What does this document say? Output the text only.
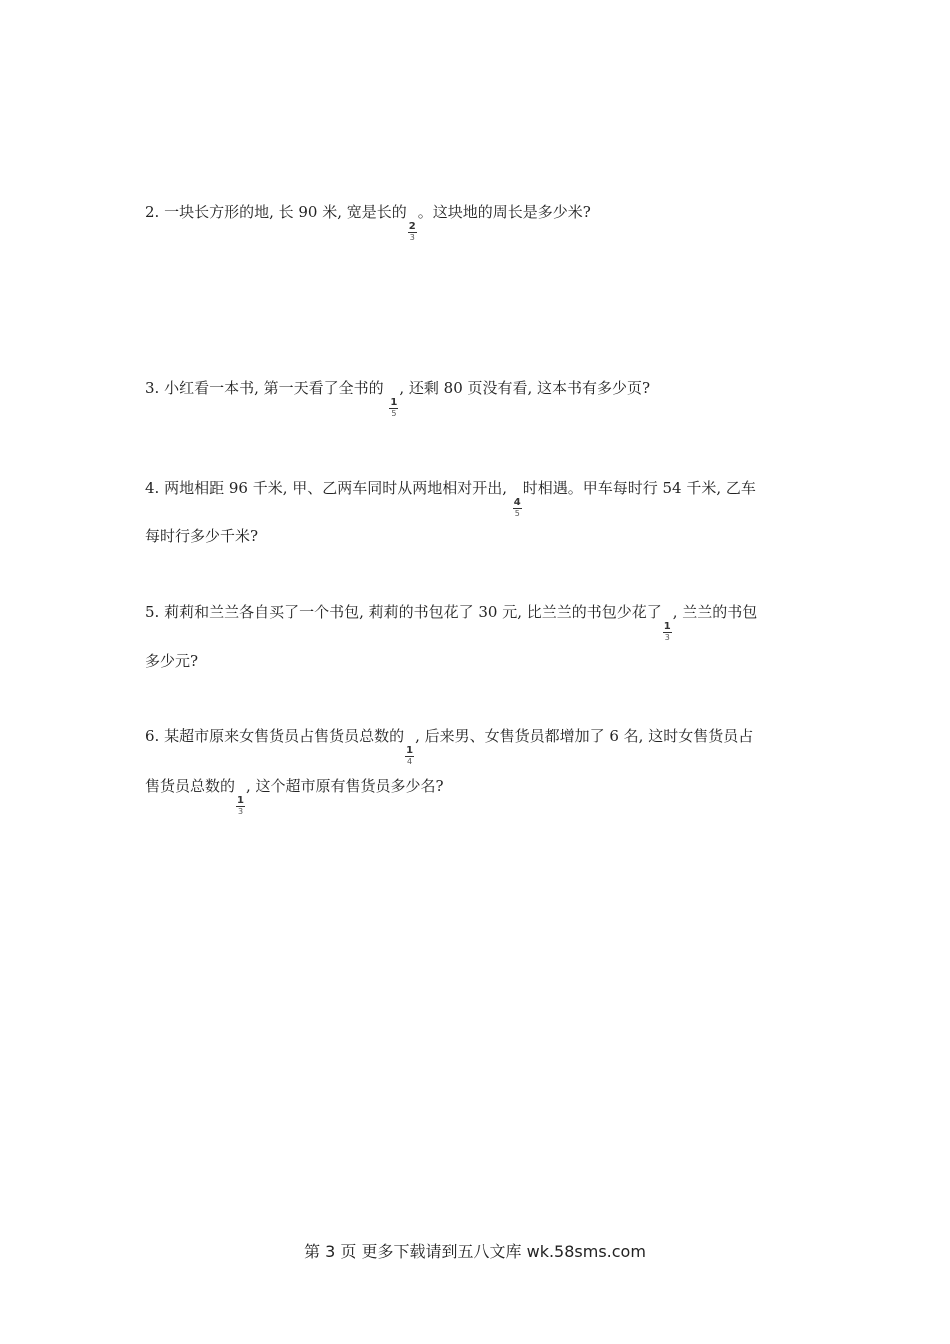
2. 一块长方形的地, 长 90 米, 宽是长的
$\frac{2}{3}$
。这块地的周长是多少米?
3. 小红看一本书, 第一天看了全书的
$\frac{1}{5}$
, 还剩 80 页没有看, 这本书有多少页?
4. 两地相距 96 千米, 甲、乙两车同时从两地相对开出,
$\frac{4}{5}$
时相遇。甲车每时行 54 千米, 乙车
每时行多少千米?
5. 莉莉和兰兰各自买了一个书包, 莉莉的书包花了 30 元, 比兰兰的书包少花了
$\frac{1}{3}$
, 兰兰的书包
多少元?
6. 某超市原来女售货员占售货员总数的
$\frac{1}{4}$
, 后来男、女售货员都增加了 6 名, 这时女售货员占
售货员总数的
$\frac{1}{3}$
, 这个超市原有售货员多少名?
第 3 页 更多下载请到五八文库 wk.58sms.com
